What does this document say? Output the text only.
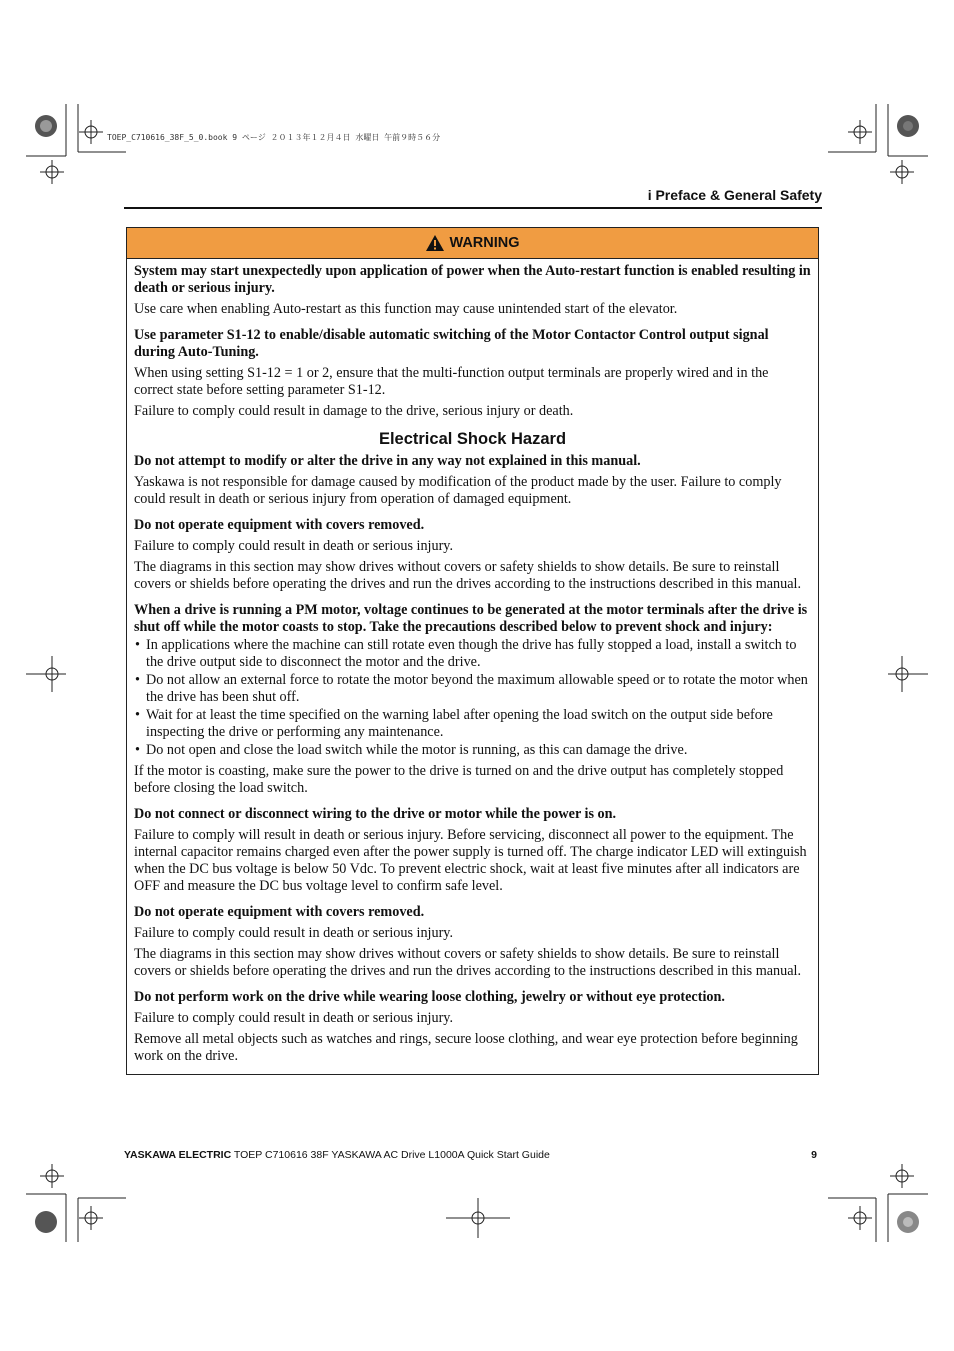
TOEP_C710616_38F_5_0.book 9 ページ ２０１３年１２月４日 水曜日 午前９時５６分
i Preface & General Safety
WARNING

System may start unexpectedly upon application of power when the Auto-restart function is enabled resulting in death or serious injury.

Use care when enabling Auto-restart as this function may cause unintended start of the elevator.

Use parameter S1-12 to enable/disable automatic switching of the Motor Contactor Control output signal during Auto-Tuning.

When using setting S1-12 = 1 or 2, ensure that the multi-function output terminals are properly wired and in the correct state before setting parameter S1-12.

Failure to comply could result in damage to the drive, serious injury or death.

Electrical Shock Hazard

Do not attempt to modify or alter the drive in any way not explained in this manual.

Yaskawa is not responsible for damage caused by modification of the product made by the user. Failure to comply could result in death or serious injury from operation of damaged equipment.

Do not operate equipment with covers removed.

Failure to comply could result in death or serious injury.

The diagrams in this section may show drives without covers or safety shields to show details. Be sure to reinstall covers or shields before operating the drives and run the drives according to the instructions described in this manual.

When a drive is running a PM motor, voltage continues to be generated at the motor terminals after the drive is shut off while the motor coasts to stop. Take the precautions described below to prevent shock and injury:

• In applications where the machine can still rotate even though the drive has fully stopped a load, install a switch to the drive output side to disconnect the motor and the drive.
• Do not allow an external force to rotate the motor beyond the maximum allowable speed or to rotate the motor when the drive has been shut off.
• Wait for at least the time specified on the warning label after opening the load switch on the output side before inspecting the drive or performing any maintenance.
• Do not open and close the load switch while the motor is running, as this can damage the drive.

If the motor is coasting, make sure the power to the drive is turned on and the drive output has completely stopped before closing the load switch.

Do not connect or disconnect wiring to the drive or motor while the power is on.

Failure to comply will result in death or serious injury. Before servicing, disconnect all power to the equipment. The internal capacitor remains charged even after the power supply is turned off. The charge indicator LED will extinguish when the DC bus voltage is below 50 Vdc. To prevent electric shock, wait at least five minutes after all indicators are OFF and measure the DC bus voltage level to confirm safe level.

Do not operate equipment with covers removed.

Failure to comply could result in death or serious injury.

The diagrams in this section may show drives without covers or safety shields to show details. Be sure to reinstall covers or shields before operating the drives and run the drives according to the instructions described in this manual.

Do not perform work on the drive while wearing loose clothing, jewelry or without eye protection.

Failure to comply could result in death or serious injury.

Remove all metal objects such as watches and rings, secure loose clothing, and wear eye protection before beginning work on the drive.

YASKAWA ELECTRIC TOEP C710616 38F YASKAWA AC Drive L1000A Quick Start Guide	9
